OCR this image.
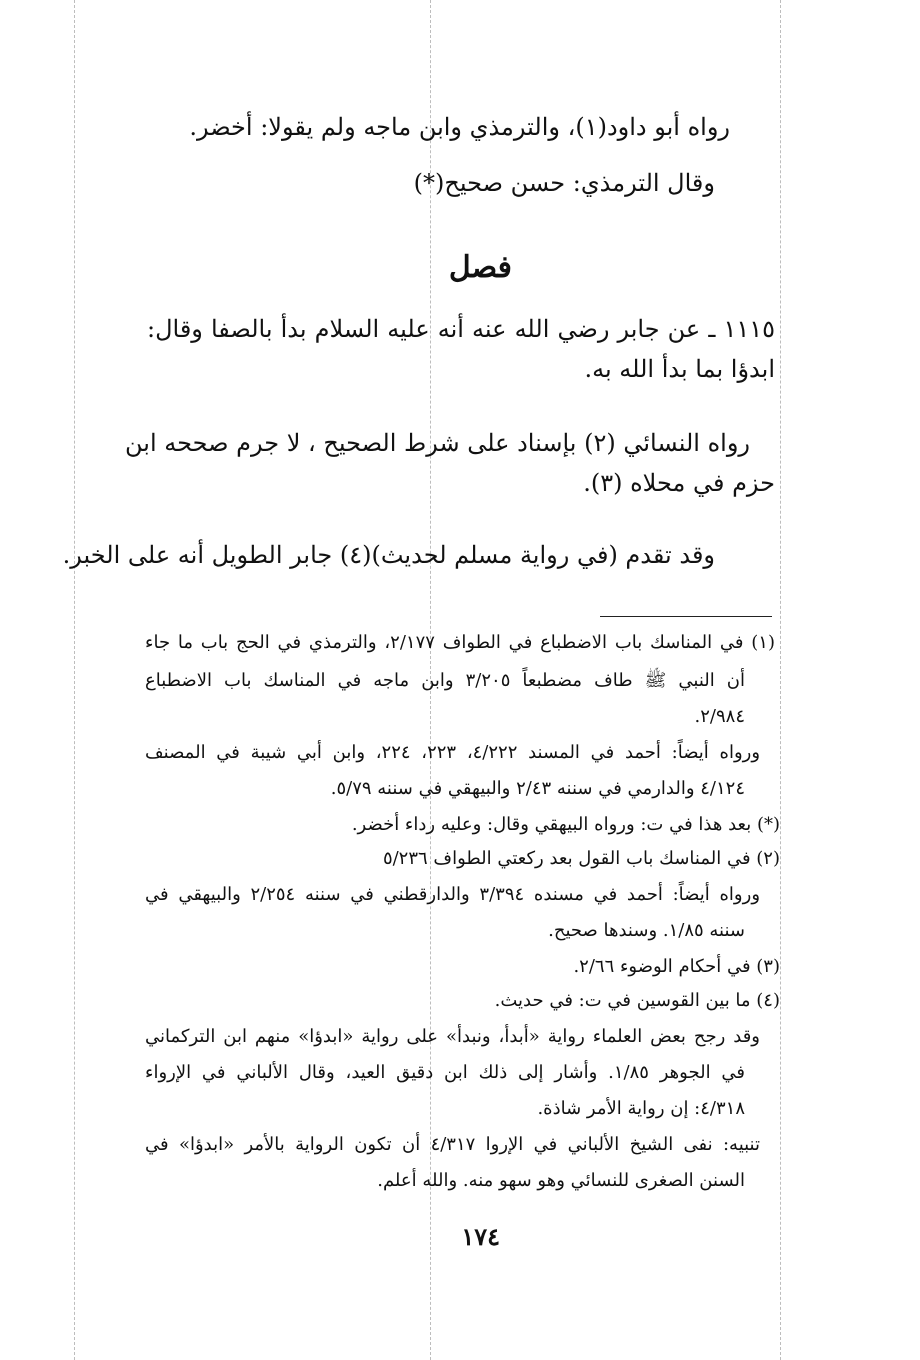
رواه أبو داود(١)، والترمذي وابن ماجه ولم يقولا: أخضر.
وقال الترمذي: حسن صحيح(*)
فصل
١١١٥ ـ عن جابر رضي الله عنه أنه عليه السلام بدأ بالصفا وقال:
ابدؤا بما بدأ الله به.
رواه النسائي (٢) بإسناد على شرط الصحيح ، لا جرم صححه ابن
حزم في محلاه (٣).
وقد تقدم (في رواية مسلم لحديث)(٤) جابر الطويل أنه على الخبر.
(١) في المناسك باب الاضطباع في الطواف ٢/١٧٧، والترمذي في الحج باب ما جاء
أن النبي ﷺ طاف مضطبعاً ٣/٢٠٥ وابن ماجه في المناسك باب الاضطباع
٢/٩٨٤.
ورواه أيضاً: أحمد في المسند ٤/٢٢٢، ٢٢٣، ٢٢٤، وابن أبي شيبة في المصنف
٤/١٢٤ والدارمي في سننه ٢/٤٣ والبيهقي في سننه ٥/٧٩.
(*) بعد هذا في ت: ورواه البيهقي وقال: وعليه رداء أخضر.
(٢) في المناسك باب القول بعد ركعتي الطواف ٥/٢٣٦
ورواه أيضاً: أحمد في مسنده ٣/٣٩٤ والدارقطني في سننه ٢/٢٥٤ والبيهقي في
سننه ١/٨٥. وسندها صحيح.
(٣) في أحكام الوضوء ٢/٦٦.
(٤) ما بين القوسين في ت: في حديث.
وقد رجح بعض العلماء رواية «أبدأ، ونبدأ» على رواية «ابدؤا» منهم ابن التركماني
في الجوهر ١/٨٥. وأشار إلى ذلك ابن دقيق العيد، وقال الألباني في الإرواء
٤/٣١٨: إن رواية الأمر شاذة.
تنبيه: نفى الشيخ الألباني في الإروا ٤/٣١٧ أن تكون الرواية بالأمر «ابدؤا» في
السنن الصغرى للنسائي وهو سهو منه. والله أعلم.
١٧٤
